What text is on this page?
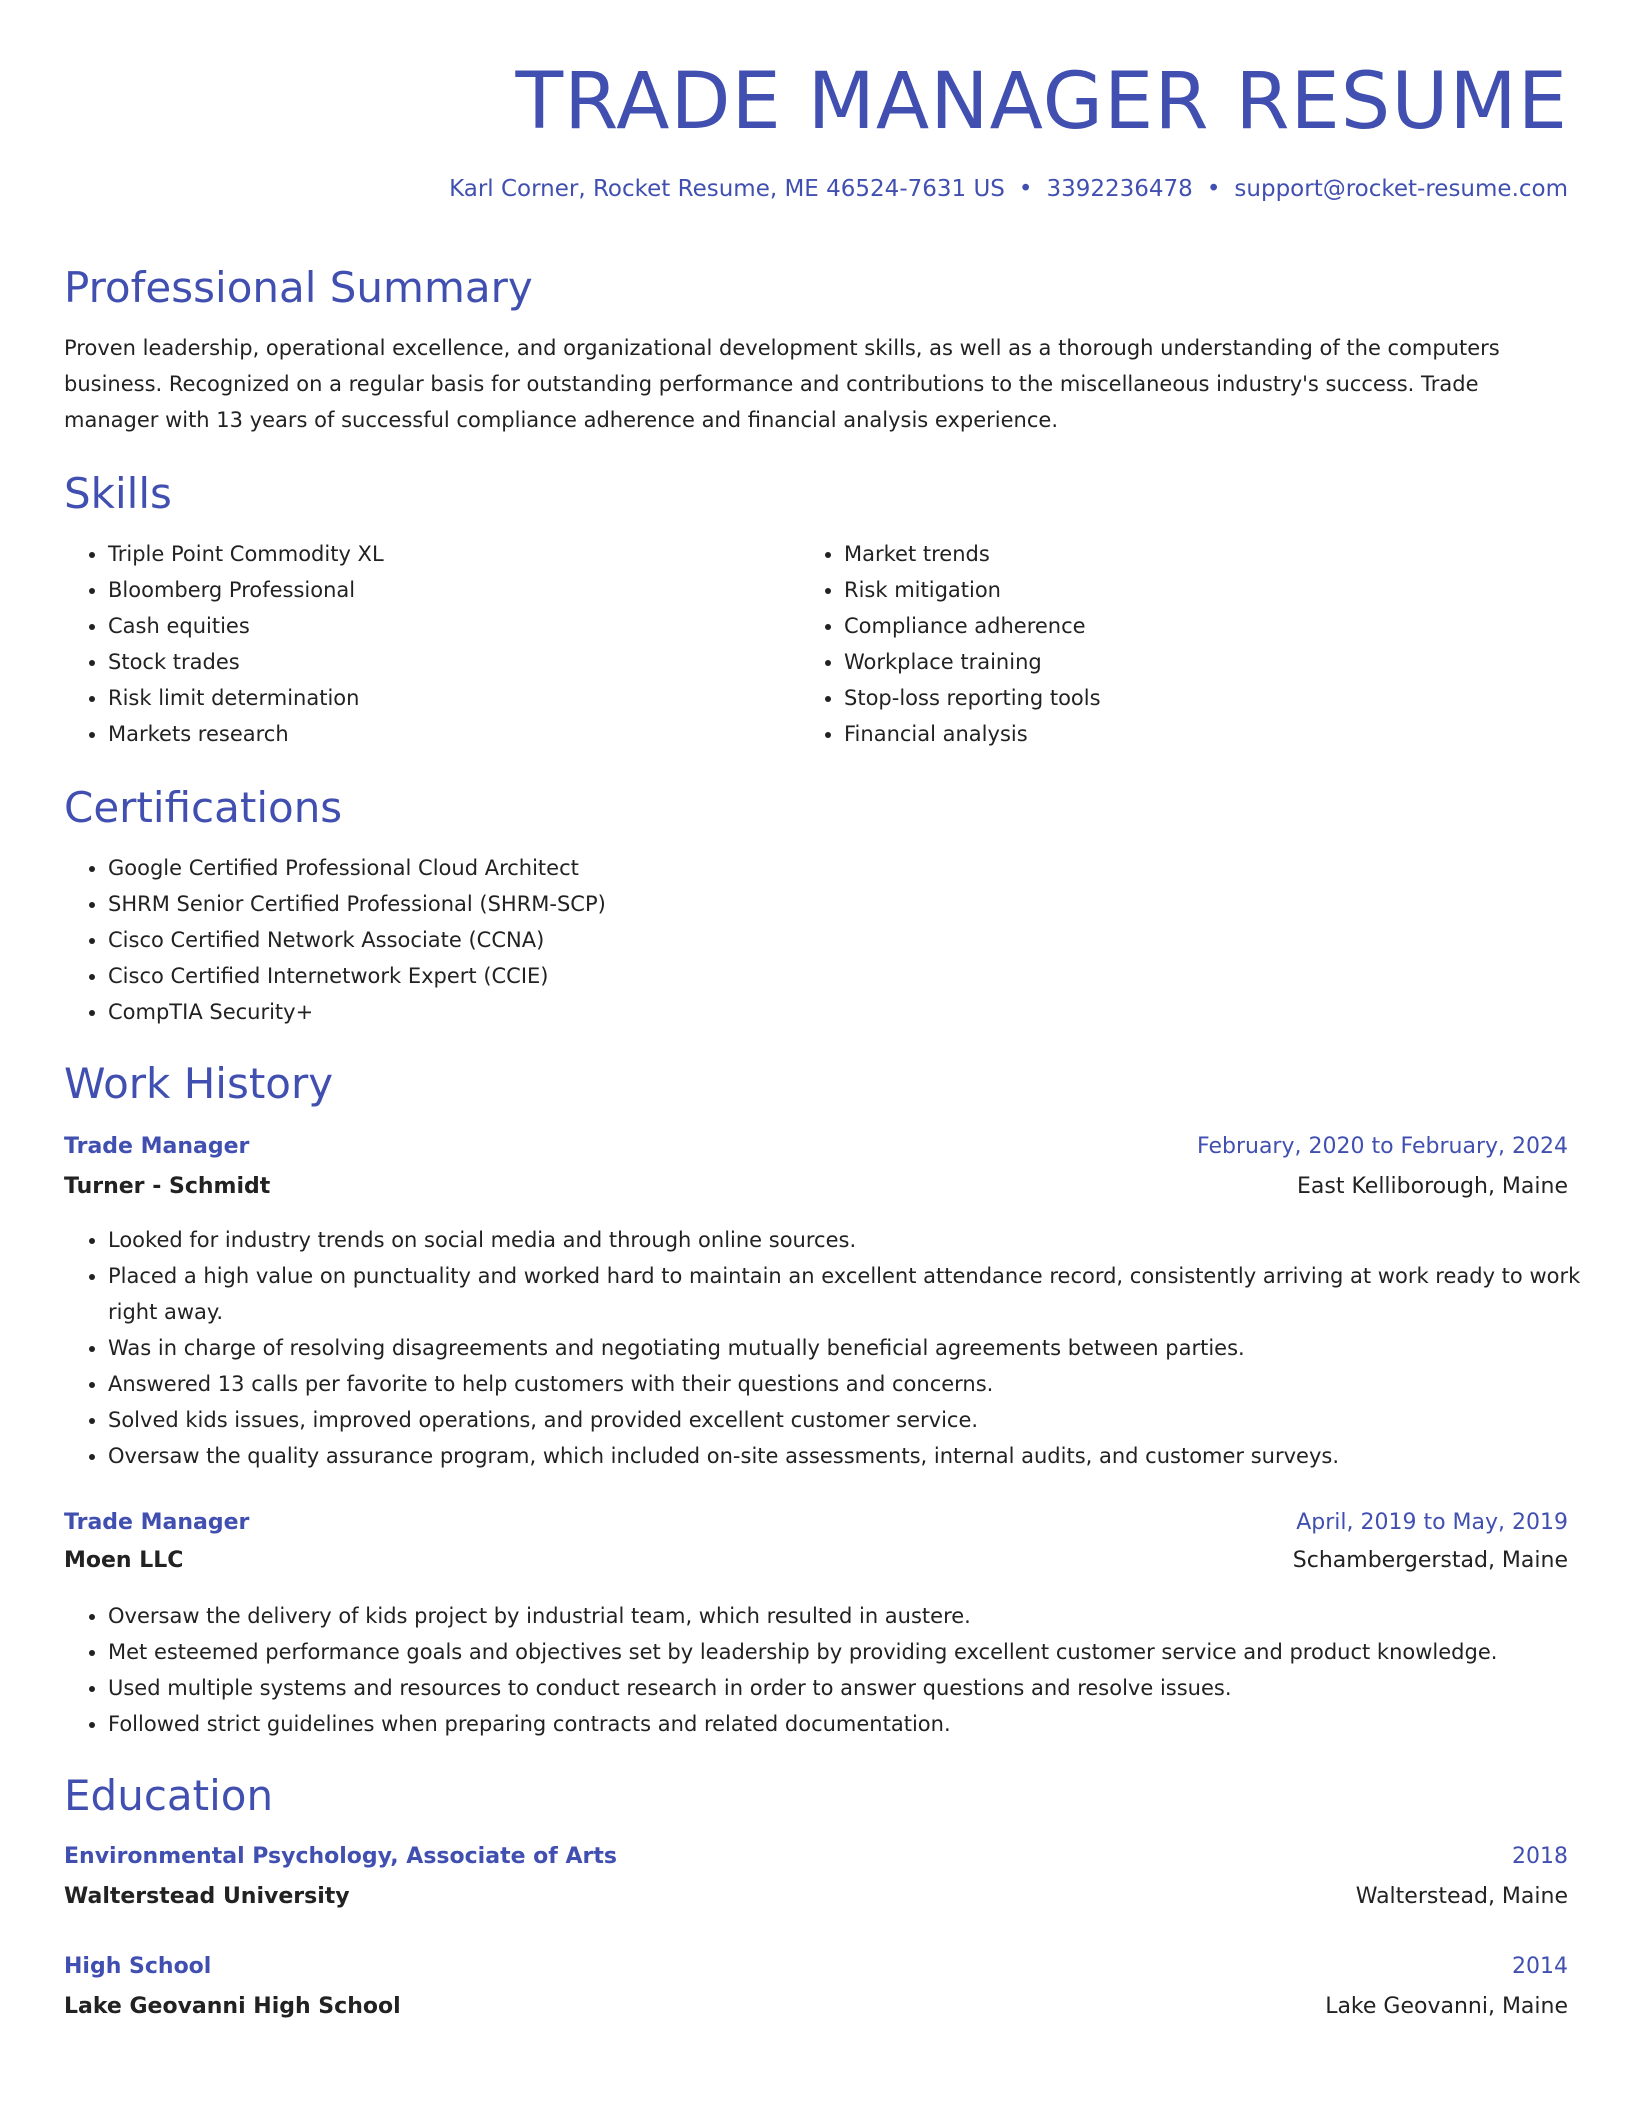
TRADE MANAGER RESUME
Karl Corner, Rocket Resume, ME 46524-7631 US • 3392236478 • support@rocket-resume.com
Professional Summary
Proven leadership, operational excellence, and organizational development skills, as well as a thorough understanding of the computers business. Recognized on a regular basis for outstanding performance and contributions to the miscellaneous industry's success. Trade manager with 13 years of successful compliance adherence and financial analysis experience.
Skills
• Triple Point Commodity XL
• Bloomberg Professional
• Cash equities
• Stock trades
• Risk limit determination
• Markets research
• Market trends
• Risk mitigation
• Compliance adherence
• Workplace training
• Stop-loss reporting tools
• Financial analysis
Certifications
• Google Certified Professional Cloud Architect
• SHRM Senior Certified Professional (SHRM-SCP)
• Cisco Certified Network Associate (CCNA)
• Cisco Certified Internetwork Expert (CCIE)
• CompTIA Security+
Work History
Trade Manager	February, 2020 to February, 2024
Turner - Schmidt	East Kelliborough, Maine
• Looked for industry trends on social media and through online sources.
• Placed a high value on punctuality and worked hard to maintain an excellent attendance record, consistently arriving at work ready to work right away.
• Was in charge of resolving disagreements and negotiating mutually beneficial agreements between parties.
• Answered 13 calls per favorite to help customers with their questions and concerns.
• Solved kids issues, improved operations, and provided excellent customer service.
• Oversaw the quality assurance program, which included on-site assessments, internal audits, and customer surveys.
Trade Manager	April, 2019 to May, 2019
Moen LLC	Schambergerstad, Maine
• Oversaw the delivery of kids project by industrial team, which resulted in austere.
• Met esteemed performance goals and objectives set by leadership by providing excellent customer service and product knowledge.
• Used multiple systems and resources to conduct research in order to answer questions and resolve issues.
• Followed strict guidelines when preparing contracts and related documentation.
Education
Environmental Psychology, Associate of Arts	2018
Walterstead University	Walterstead, Maine
High School	2014
Lake Geovanni High School	Lake Geovanni, Maine
